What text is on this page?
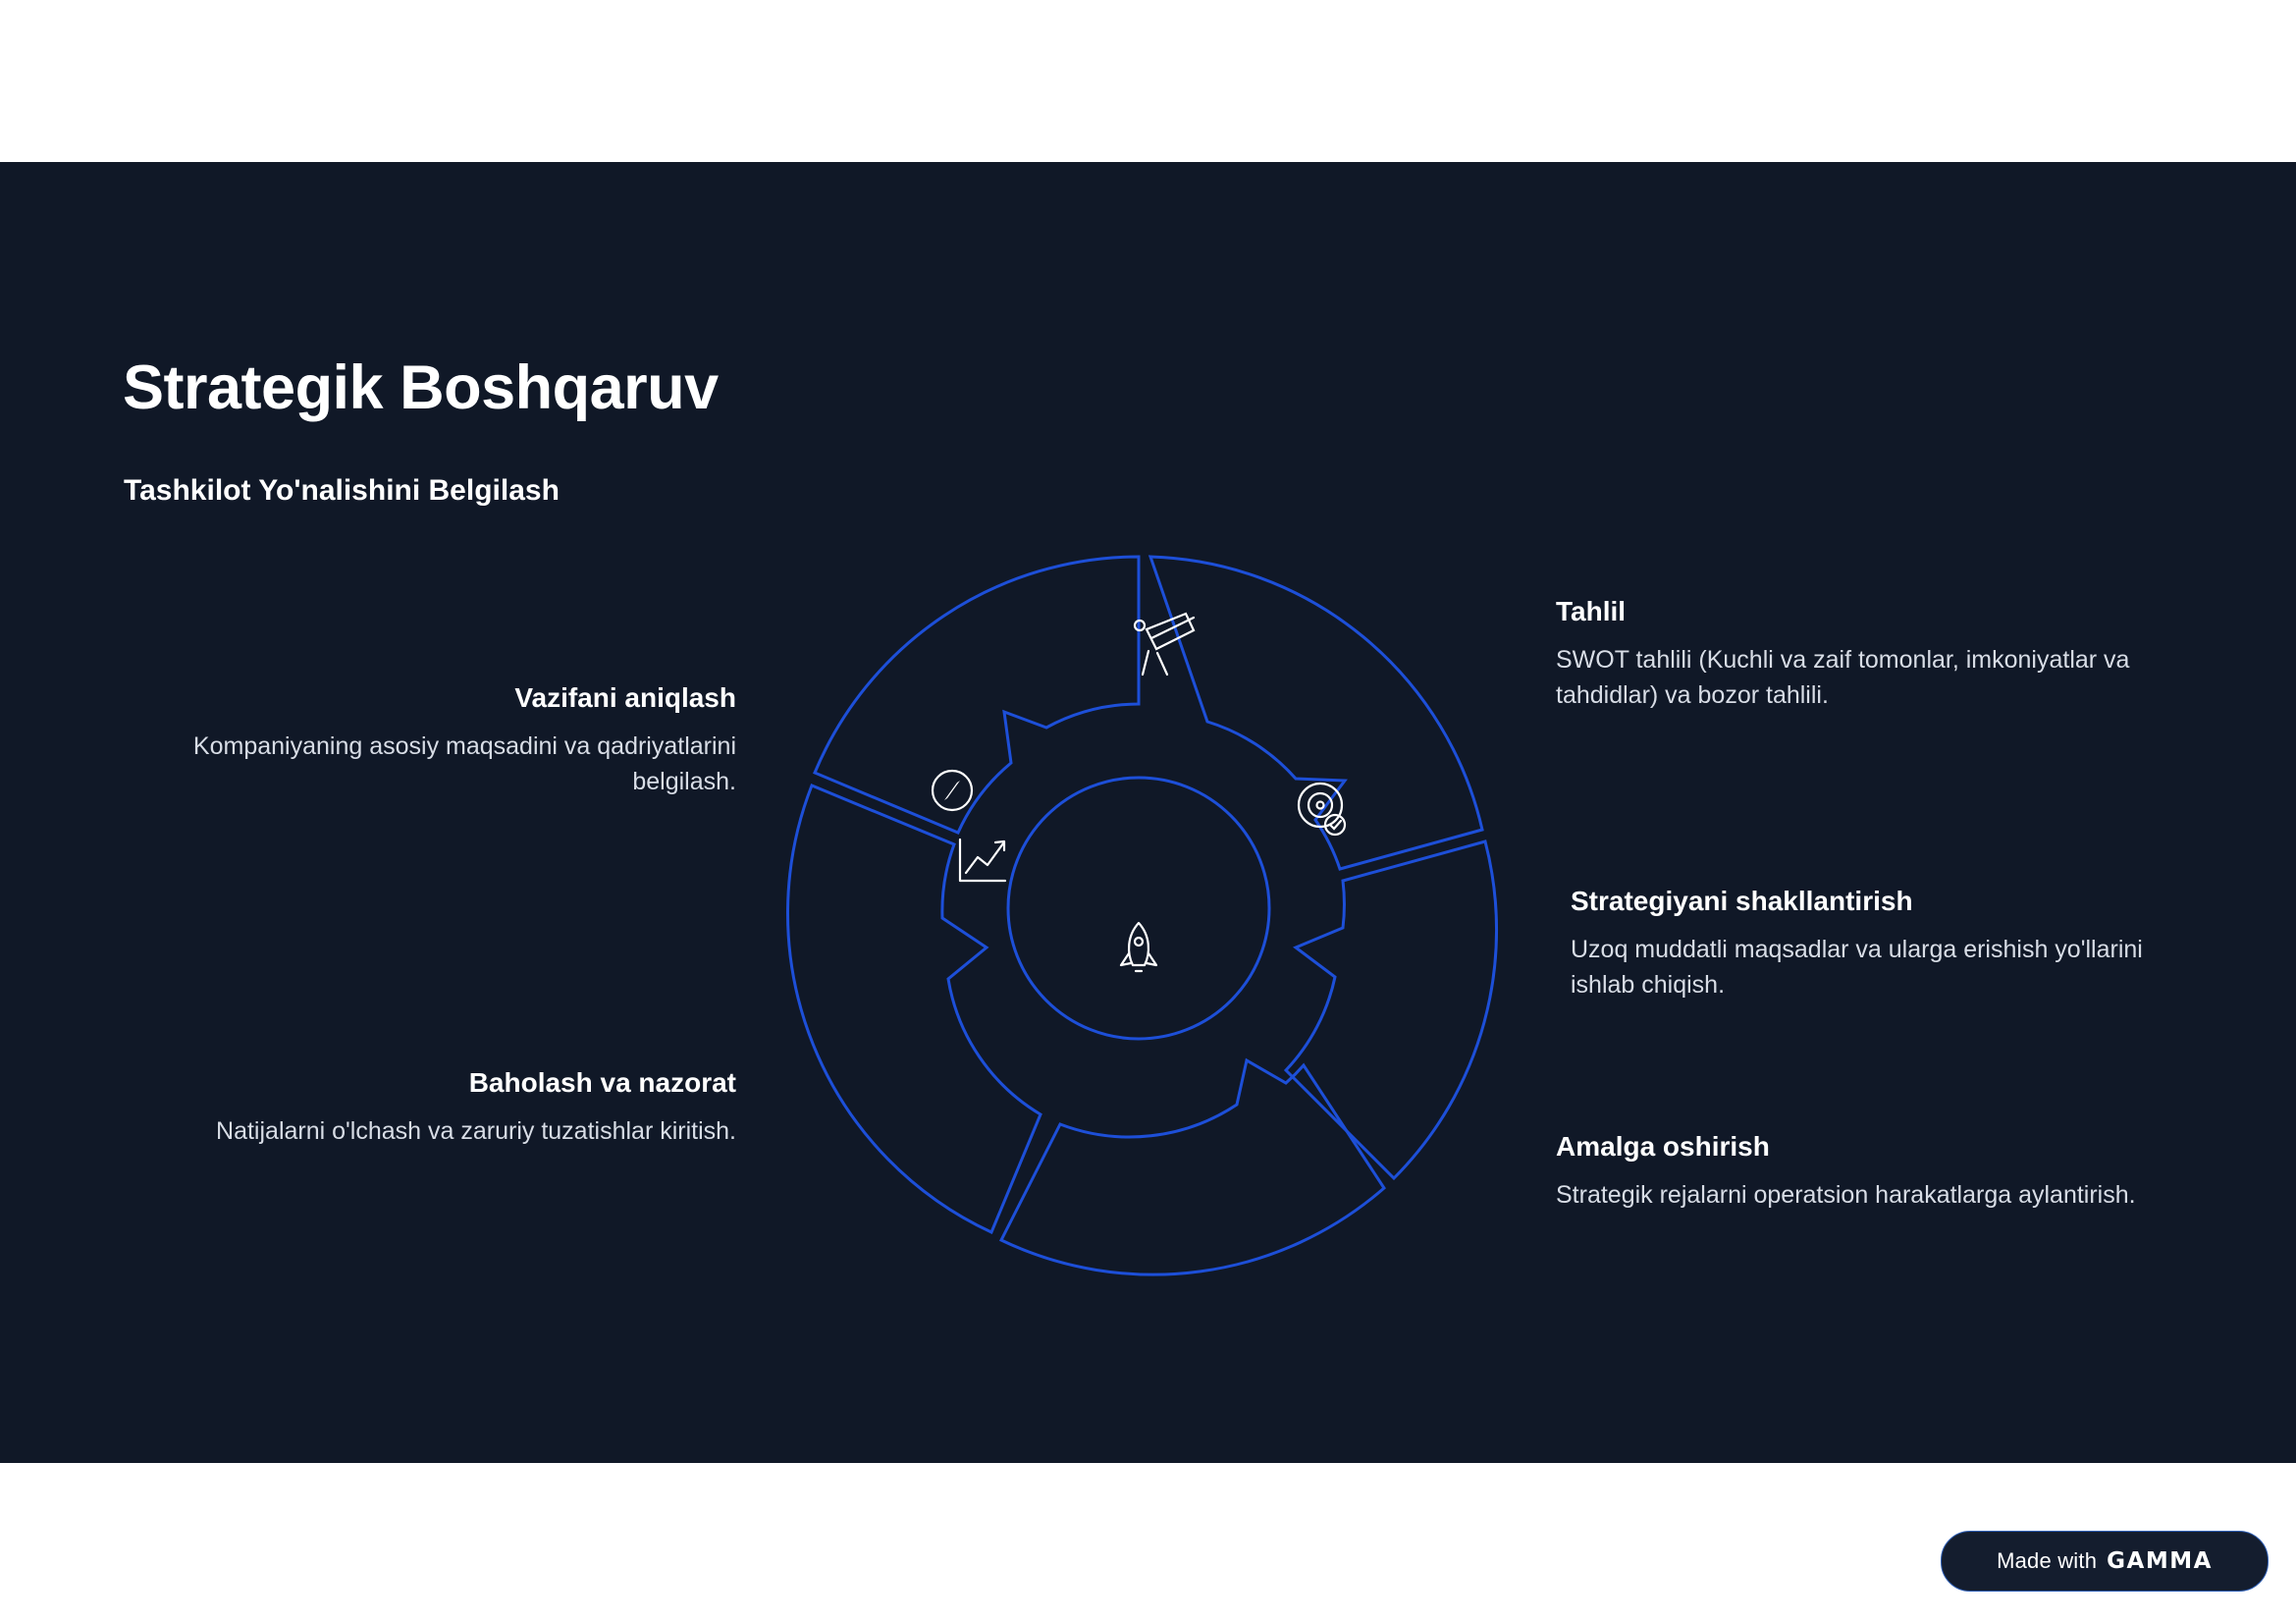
Strategik Boshqaruv
Tashkilot Yo'nalishini Belgilash
Vazifani aniqlash
Kompaniyaning asosiy maqsadini va qadriyatlarini belgilash.
Baholash va nazorat
Natijalarni o'lchash va zaruriy tuzatishlar kiritish.
Tahlil
SWOT tahlili (Kuchli va zaif tomonlar, imkoniyatlar va tahdidlar) va bozor tahlili.
Strategiyani shakllantirish
Uzoq muddatli maqsadlar va ularga erishish yo'llarini ishlab chiqish.
Amalga oshirish
Strategik rejalarni operatsion harakatlarga aylantirish.
Made with GAMMA
